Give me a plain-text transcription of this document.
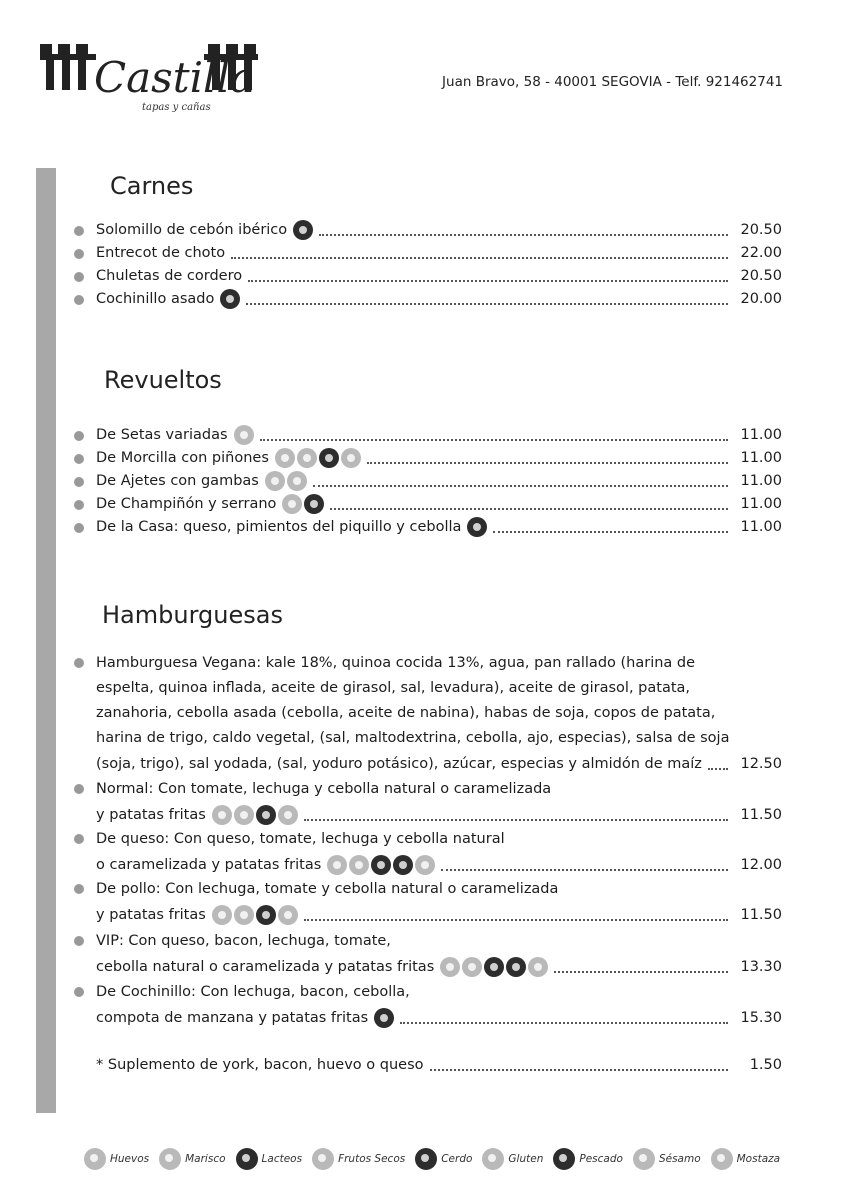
Castilla
tapas y cañas
Juan Bravo, 58 - 40001 SEGOVIA - Telf. 921462741
Carnes
Solomillo de cebón ibérico	20.50
Entrecot de choto	22.00
Chuletas de cordero	20.50
Cochinillo asado	20.00
Revueltos
De Setas variadas	11.00
De Morcilla con piñones	11.00
De Ajetes con gambas	11.00
De Champiñón y serrano	11.00
De la Casa: queso, pimientos del piquillo y cebolla	11.00
Hamburguesas
Hamburguesa Vegana: kale 18%, quinoa cocida 13%, agua, pan rallado (harina de
espelta, quinoa inflada, aceite de girasol, sal, levadura), aceite de girasol, patata,
zanahoria, cebolla asada (cebolla, aceite de nabina), habas de soja, copos de patata,
harina de trigo, caldo vegetal, (sal, maltodextrina, cebolla, ajo, especias), salsa de soja
(soja, trigo), sal yodada, (sal, yoduro potásico), azúcar, especias y almidón de maíz	12.50
Normal: Con tomate, lechuga y cebolla natural o caramelizada
y patatas fritas	11.50
De queso: Con queso, tomate, lechuga y cebolla natural
o caramelizada y patatas fritas	12.00
De pollo: Con lechuga, tomate y cebolla natural o caramelizada
y patatas fritas	11.50
VIP: Con queso, bacon, lechuga, tomate,
cebolla natural o caramelizada y patatas fritas	13.30
De Cochinillo: Con lechuga, bacon, cebolla,
compota de manzana y patatas fritas	15.30
* Suplemento de york, bacon, huevo o queso	1.50
Huevos	Marisco	Lacteos	Frutos Secos	Cerdo	Gluten	Pescado	Sésamo	Mostaza
